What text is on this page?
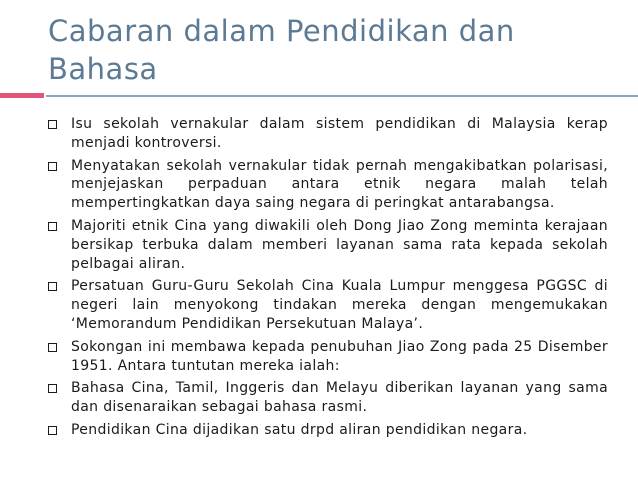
Cabaran dalam Pendidikan dan Bahasa
Isu sekolah vernakular dalam sistem pendidikan di Malaysia kerap menjadi kontroversi.
Menyatakan sekolah vernakular tidak pernah mengakibatkan polarisasi, menjejaskan perpaduan antara etnik negara malah telah mempertingkatkan daya saing negara di peringkat antarabangsa.
Majoriti etnik Cina yang diwakili oleh Dong Jiao Zong meminta kerajaan bersikap terbuka dalam memberi layanan sama rata kepada sekolah pelbagai aliran.
Persatuan Guru-Guru Sekolah Cina Kuala Lumpur menggesa PGGSC di negeri lain menyokong tindakan mereka dengan mengemukakan ‘Memorandum Pendidikan Persekutuan Malaya’.
Sokongan ini membawa kepada penubuhan Jiao Zong pada 25 Disember 1951. Antara tuntutan mereka ialah:
Bahasa Cina, Tamil, Inggeris dan Melayu diberikan layanan yang sama dan disenaraikan sebagai bahasa rasmi.
Pendidikan Cina dijadikan satu drpd aliran pendidikan negara.
